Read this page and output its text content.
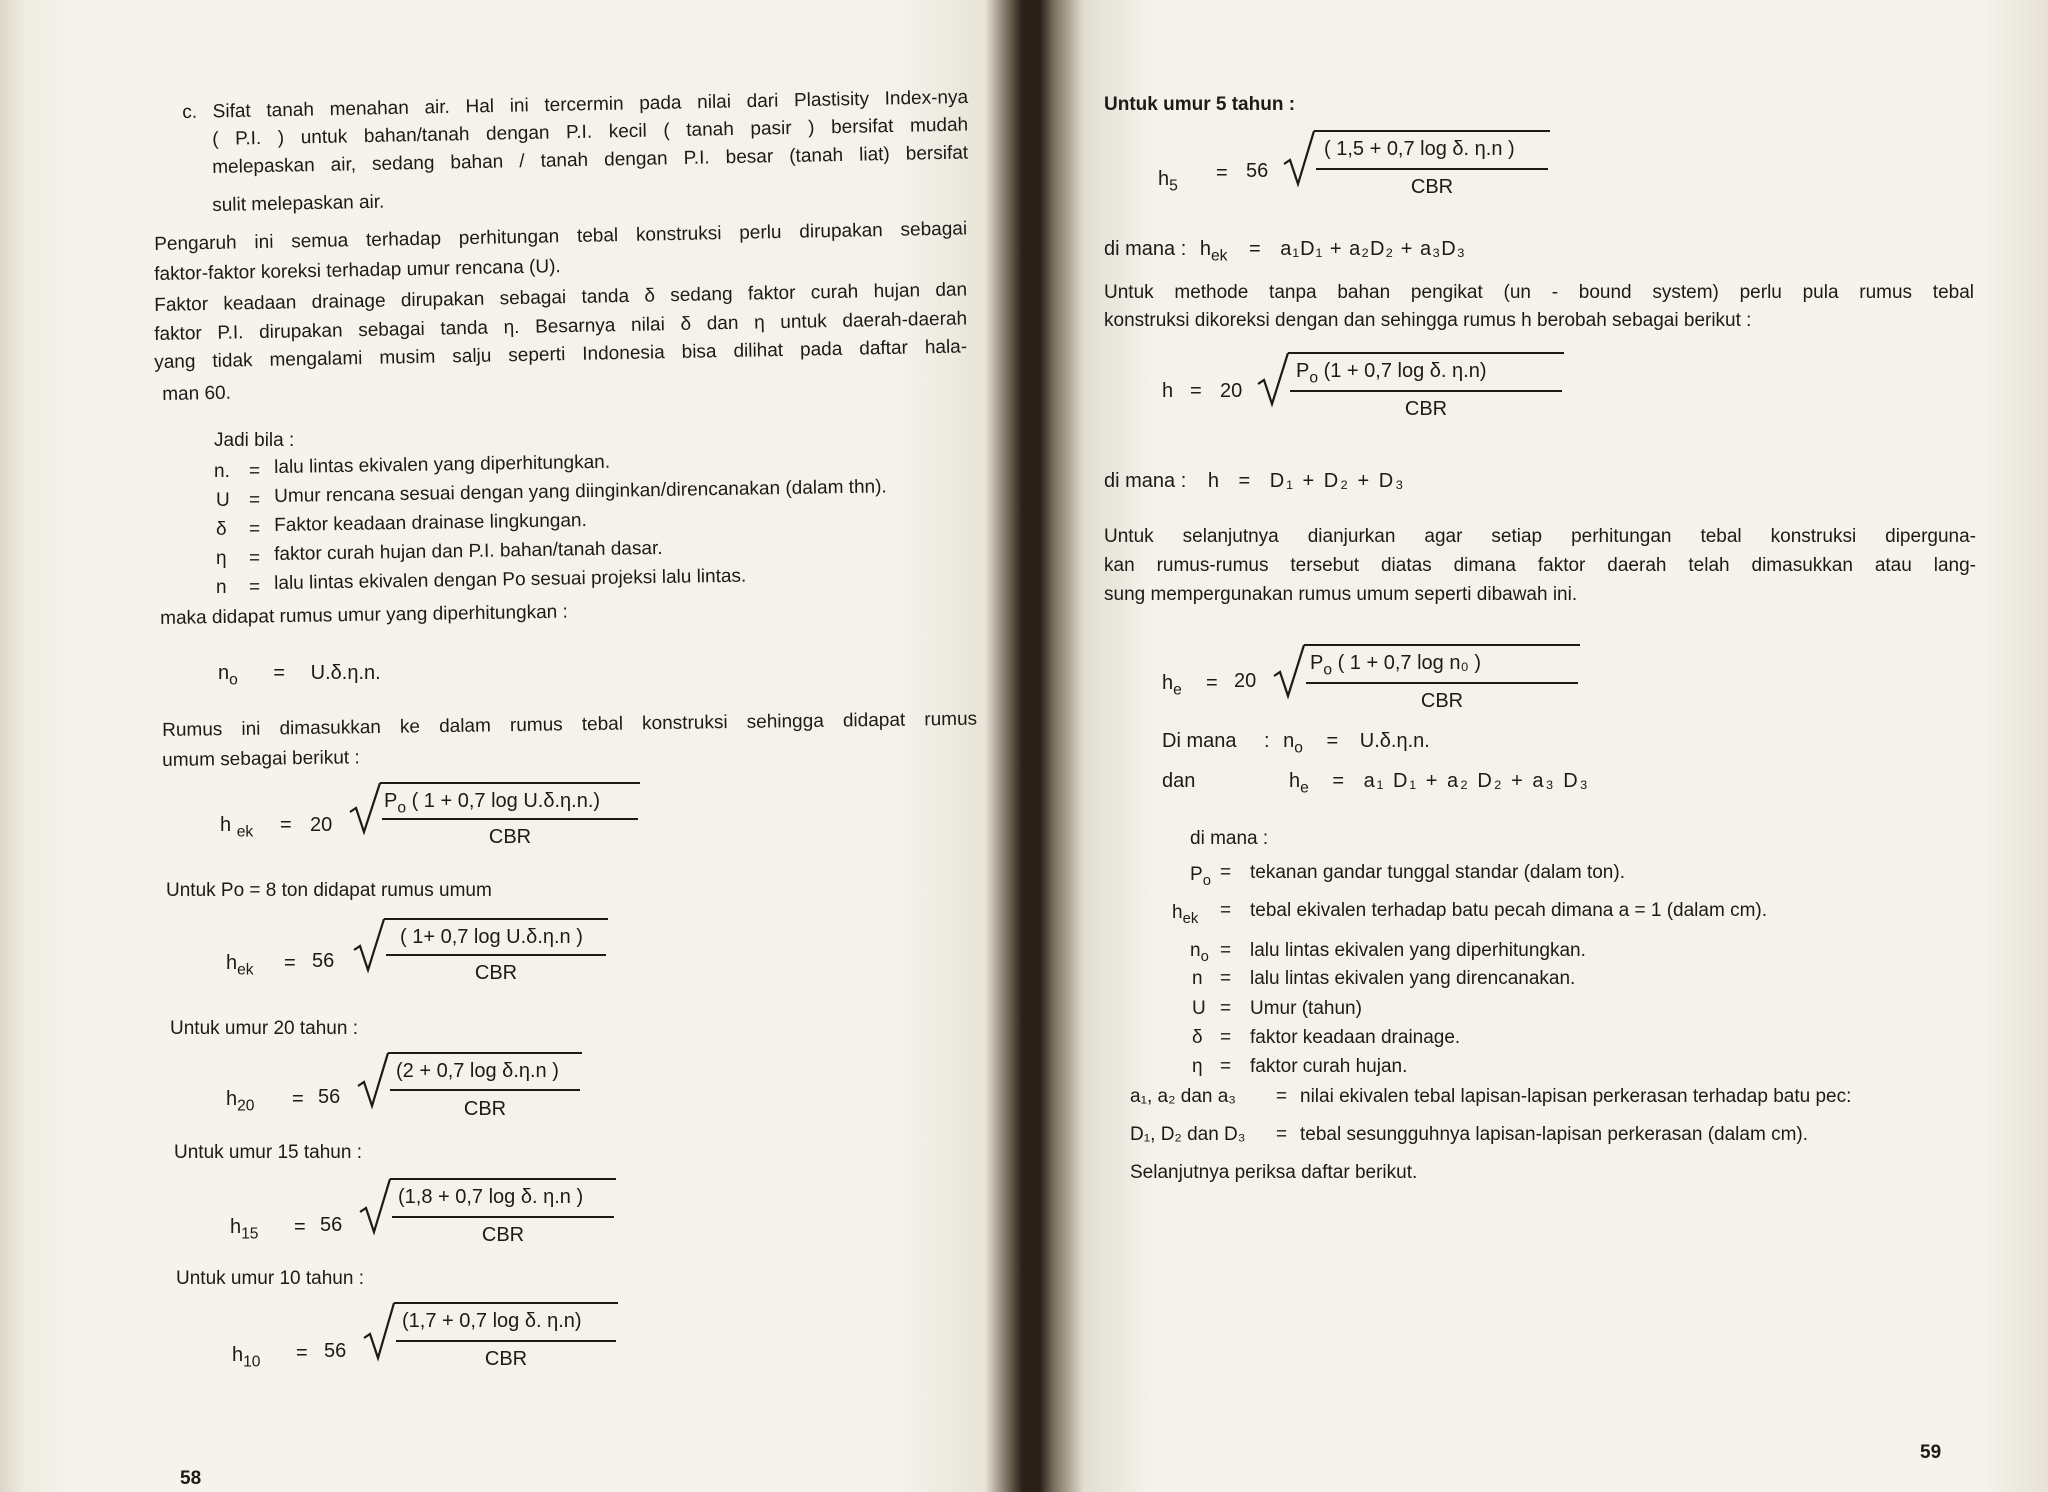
c. Sifat tanah menahan air. Hal ini tercermin pada nilai dari Plastisity Index-nya
( P.I. ) untuk bahan/tanah dengan P.I. kecil ( tanah pasir ) bersifat mudah
melepaskan air, sedang bahan / tanah dengan P.I. besar (tanah liat) bersifat
sulit melepaskan air.
Pengaruh ini semua terhadap perhitungan tebal konstruksi perlu dirupakan sebagai
faktor-faktor koreksi terhadap umur rencana (U).
Faktor keadaan drainage dirupakan sebagai tanda δ sedang faktor curah hujan dan
faktor P.I. dirupakan sebagai tanda η. Besarnya nilai δ dan η untuk daerah-daerah
yang tidak mengalami musim salju seperti Indonesia bisa dilihat pada daftar hala-
man 60.
Jadi bila :
n. = lalu lintas ekivalen yang diperhitungkan.
U = Umur rencana sesuai dengan yang diinginkan/direncanakan (dalam thn).
δ = Faktor keadaan drainase lingkungan.
η = faktor curah hujan dan P.I. bahan/tanah dasar.
n = lalu lintas ekivalen dengan Po sesuai projeksi lalu lintas.
maka didapat rumus umur yang diperhitungkan :
$n_o = U.\delta.\eta.n$.
Rumus ini dimasukkan ke dalam rumus tebal konstruksi sehingga didapat rumus
umum sebagai berikut :
h $_{ek}$ = 20
$P_o$ ( 1 + 0,7 log U.δ.η.n.)
CBR
Untuk Po = 8 ton didapat rumus umum
$h_{ek} = 56$
( 1+ 0,7 log U.δ.η.n )
CBR
Untuk umur 20 tahun :
$h_{20} = 56$
(2 + 0,7 log δ.η.n )
CBR
Untuk umur 15 tahun :
$h_{15} = 56$
(1,8 + 0,7 log δ. η.n )
CBR
Untuk umur 10 tahun :
$h_{10} = 56$
(1,7 + 0,7 log δ. η.n)
CBR
58
Untuk umur 5 tahun :
$h_5$
= 56
( 1,5 + 0,7 log δ. η.n )
CBR
di mana : $h_{ek} = a_1D_1 + a_2D_2 + a_3D_3$
Untuk methode tanpa bahan pengikat (un - bound system) perlu pula rumus tebal
konstruksi dikoreksi dengan dan sehingga rumus h berobah sebagai berikut :
h = 20
$P_o$ (1 + 0,7 log δ. η.n)
CBR
di mana : h = D₁ + D₂ + D₃
Untuk selanjutnya dianjurkan agar setiap perhitungan tebal konstruksi diperguna-
kan rumus-rumus tersebut diatas dimana faktor daerah telah dimasukkan atau lang-
sung mempergunakan rumus umum seperti dibawah ini.
$h_e = 20$
$P_o$ ( 1 + 0,7 log n₀ )
CBR
Di mana : $n_o = U.\delta.\eta.n$.
dan	$h_e = a_1$ D₁ + a₂ D₂ + a₃ D₃
di mana :
$P_o$ = tekanan gandar tunggal standar (dalam ton).
$h_{ek}$ = tebal ekivalen terhadap batu pecah dimana a = 1 (dalam cm).
$n_o$ = lalu lintas ekivalen yang diperhitungkan.
n = lalu lintas ekivalen yang direncanakan.
U = Umur (tahun)
δ = faktor keadaan drainage.
η = faktor curah hujan.
a₁, a₂ dan a₃ = nilai ekivalen tebal lapisan-lapisan perkerasan terhadap batu pec:
D₁, D₂ dan D₃ = tebal sesungguhnya lapisan-lapisan perkerasan (dalam cm).
Selanjutnya periksa daftar berikut.
59
